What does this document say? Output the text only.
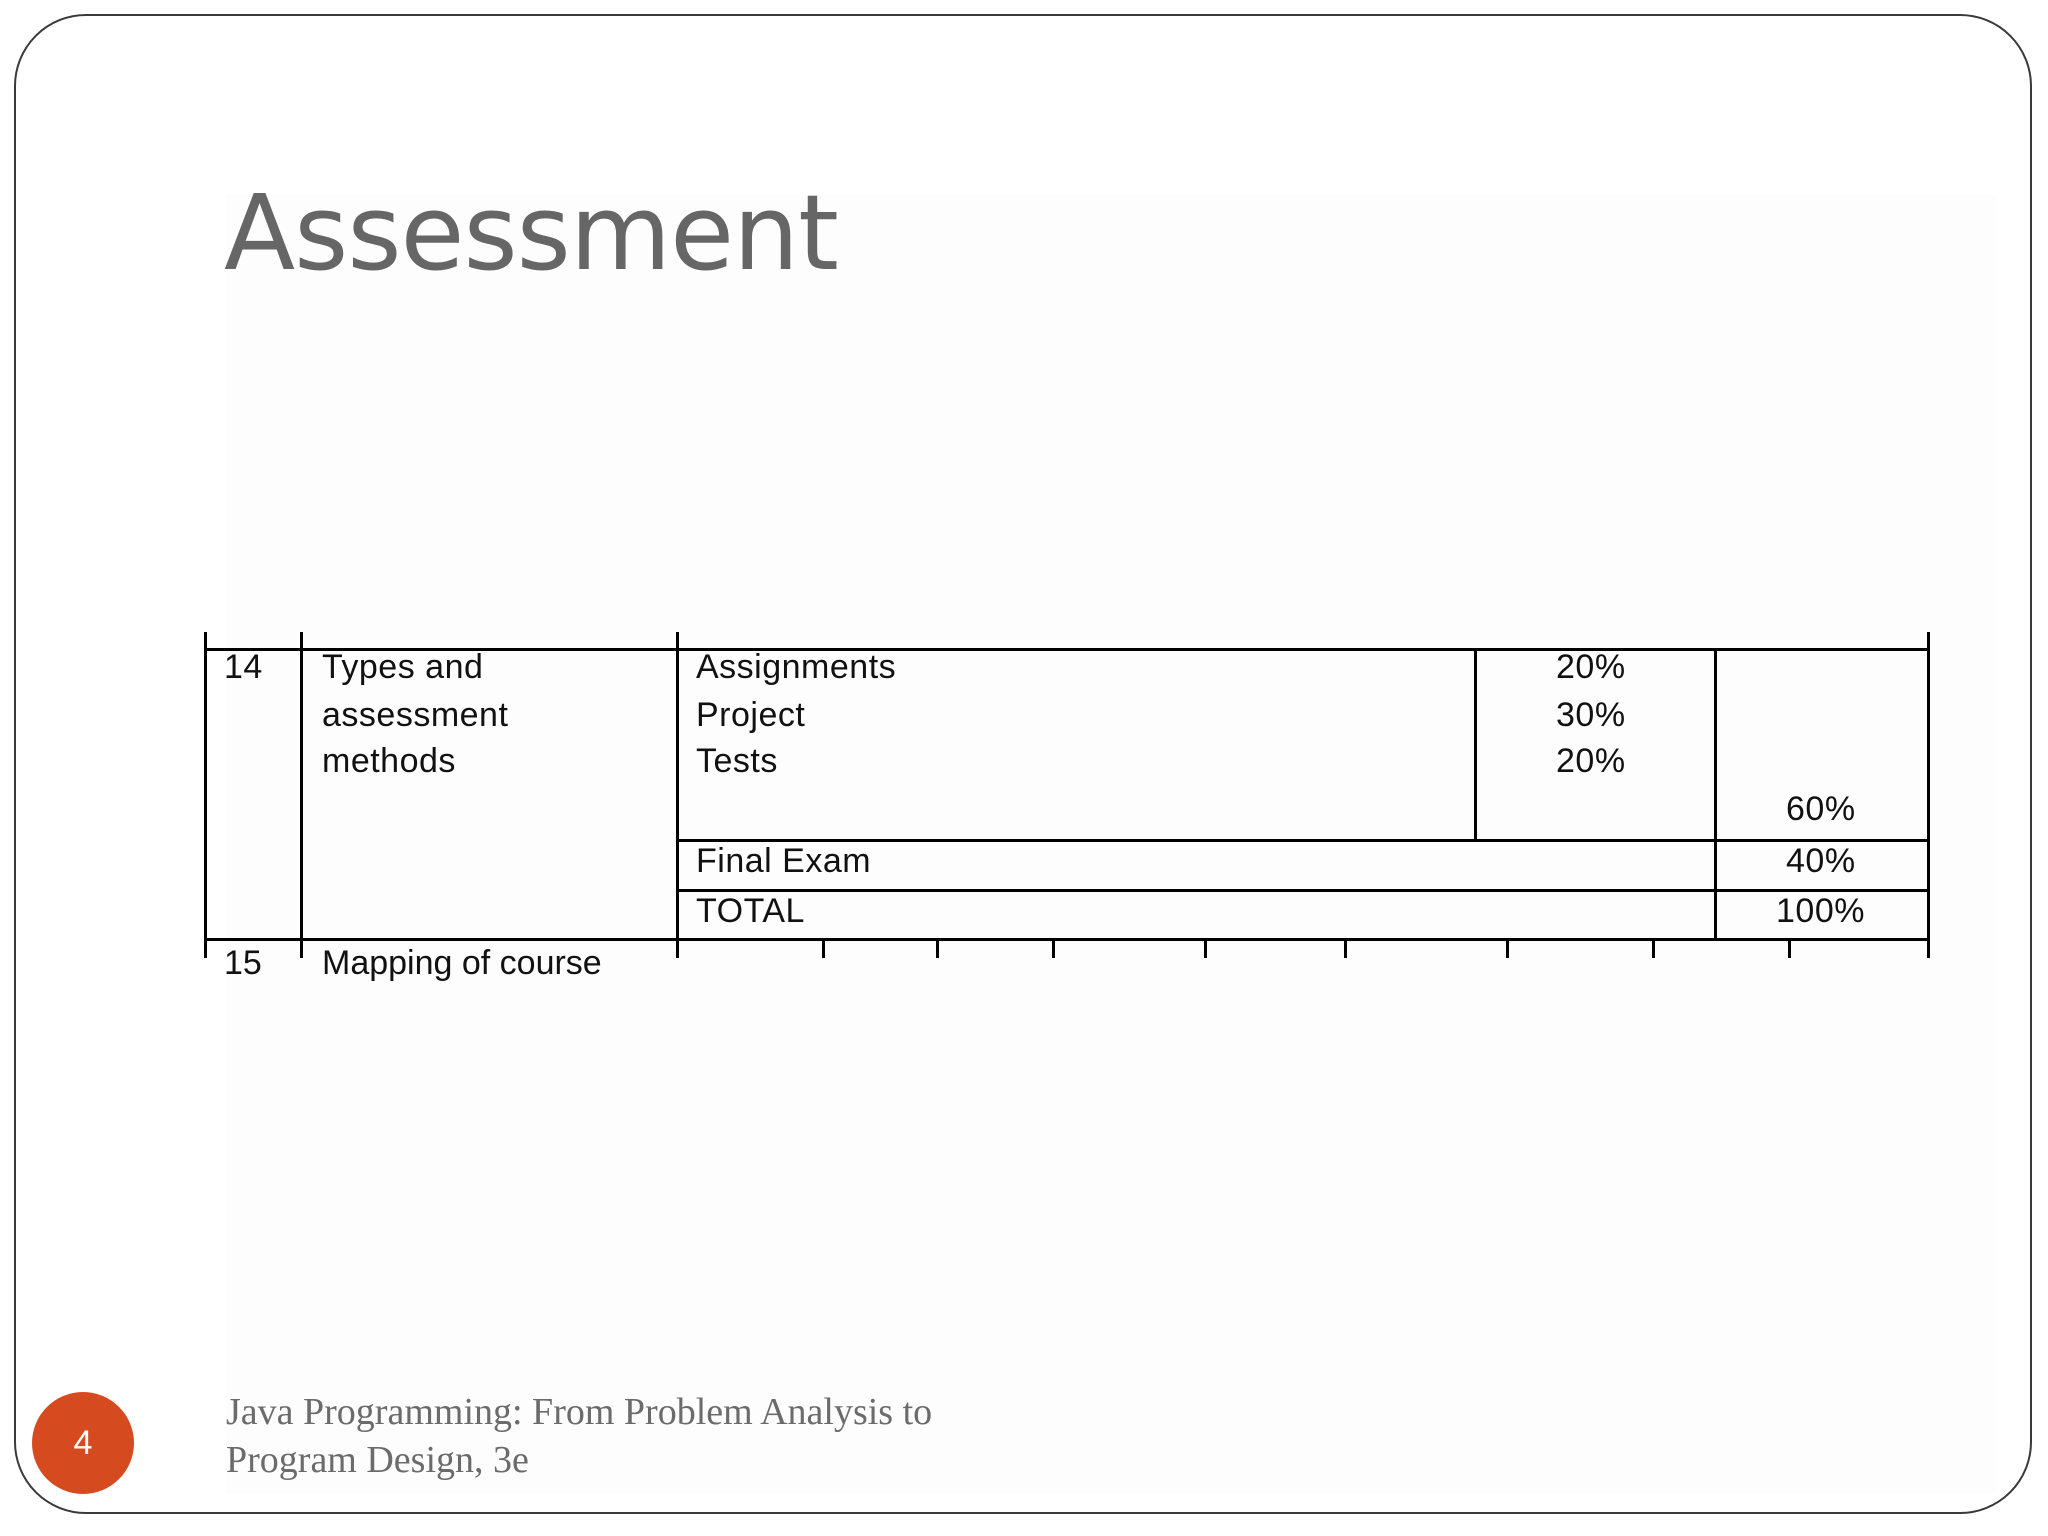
Assessment
14 Types and
assessment
methods
Assignments
Project
Tests
20%
30%
20%
60%
Final Exam	40%
TOTAL	100%
15 Mapping of course
Java Programming: From Problem Analysis to
Program Design, 3e
4
